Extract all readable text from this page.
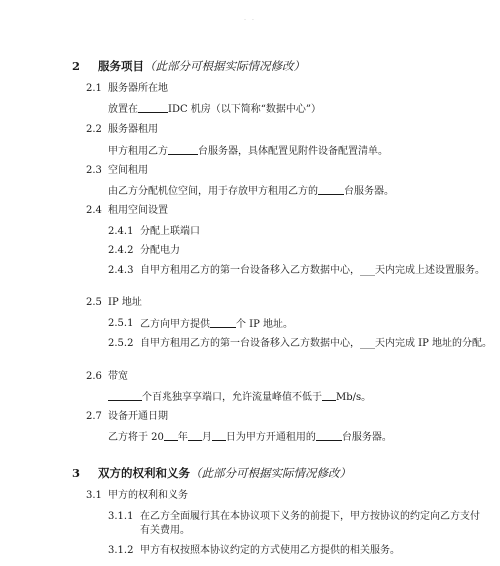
- -
2 服务项目（此部分可根据实际情况修改）
2.1 服务器所在地
放置在	IDC 机房（以下简称“数据中心”）
2.2 服务器租用
甲方租用乙方	台服务器，具体配置见附件设备配置清单。
2.3 空间租用
由乙方分配机位空间，用于存放甲方租用乙方的	台服务器。
2.4 租用空间设置
2.4.1 分配上联端口
2.4.2 分配电力
2.4.3 自甲方租用乙方的第一台设备移入乙方数据中心，___天内完成上述设置服务。
2.5 IP 地址
2.5.1 乙方向甲方提供	个 IP 地址。
2.5.2 自甲方租用乙方的第一台设备移入乙方数据中心，___天内完成 IP 地址的分配。
2.6 带宽
个百兆独享享端口，允许流量峰值不低于 Mb/s。
2.7 设备开通日期
乙方将于 20 年 月 日为甲方开通租用的	台服务器。
3 双方的权利和义务（此部分可根据实际情况修改）
3.1 甲方的权利和义务
3.1.1 在乙方全面履行其在本协议项下义务的前提下，甲方按协议的约定向乙方支付
有关费用。
3.1.2 甲方有权按照本协议约定的方式使用乙方提供的相关服务。
